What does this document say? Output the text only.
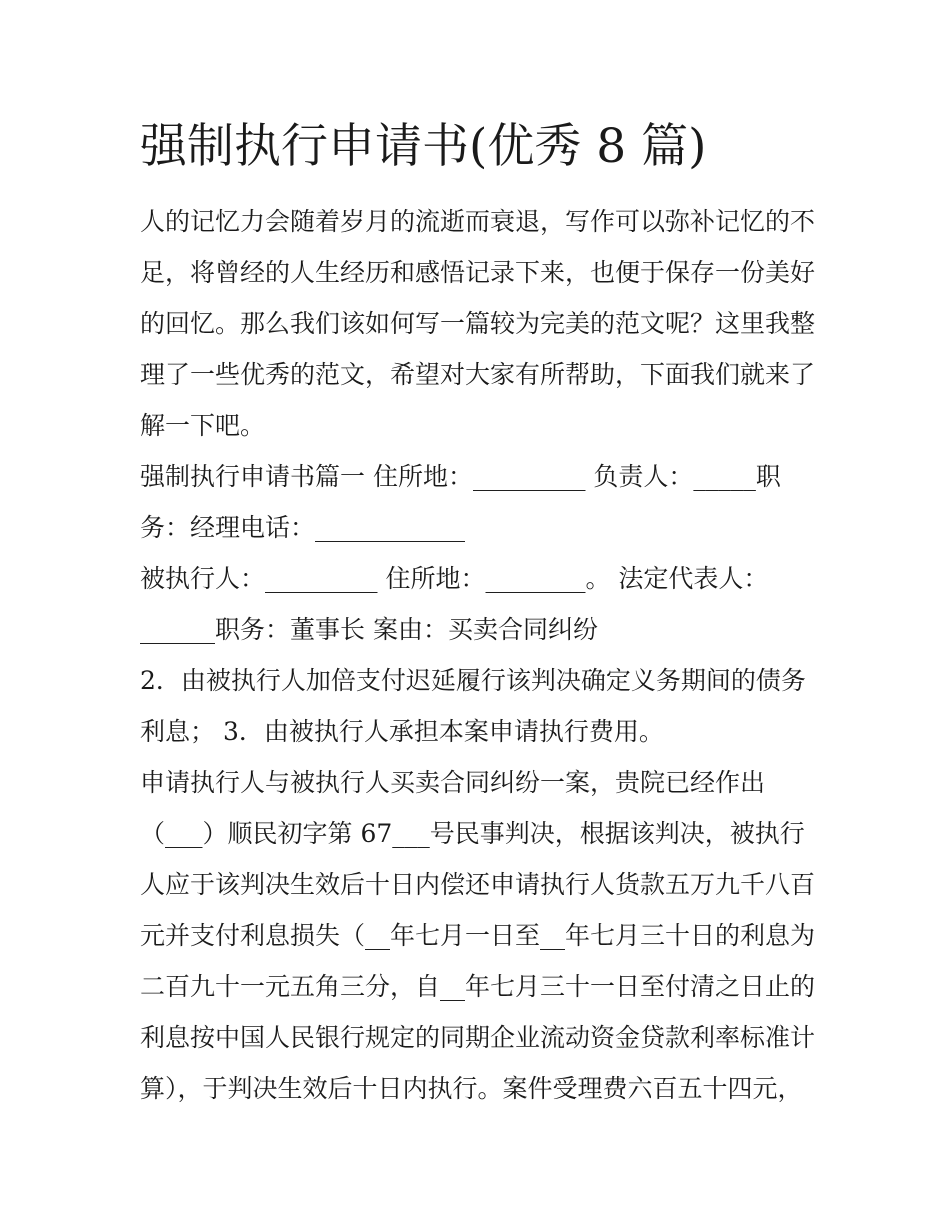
强制执行申请书(优秀 8 篇)

人的记忆力会随着岁月的流逝而衰退，写作可以弥补记忆的不

足，将曾经的人生经历和感悟记录下来，也便于保存一份美好

的回忆。那么我们该如何写一篇较为完美的范文呢？这里我整

理了一些优秀的范文，希望对大家有所帮助，下面我们就来了

解一下吧。

强制执行申请书篇一 住所地：_________ 负责人：_____职

务：经理电话：____________

被执行人：_________ 住所地：________。 法定代表人：

______职务：董事长 案由：买卖合同纠纷

2．由被执行人加倍支付迟延履行该判决确定义务期间的债务

利息； 3．由被执行人承担本案申请执行费用。

申请执行人与被执行人买卖合同纠纷一案，贵院已经作出

（___）顺民初字第 67___号民事判决，根据该判决，被执行

人应于该判决生效后十日内偿还申请执行人货款五万九千八百

元并支付利息损失（__年七月一日至__年七月三十日的利息为

二百九十一元五角三分，自__年七月三十一日至付清之日止的

利息按中国人民银行规定的同期企业流动资金贷款利率标准计

算），于判决生效后十日内执行。案件受理费六百五十四元，
